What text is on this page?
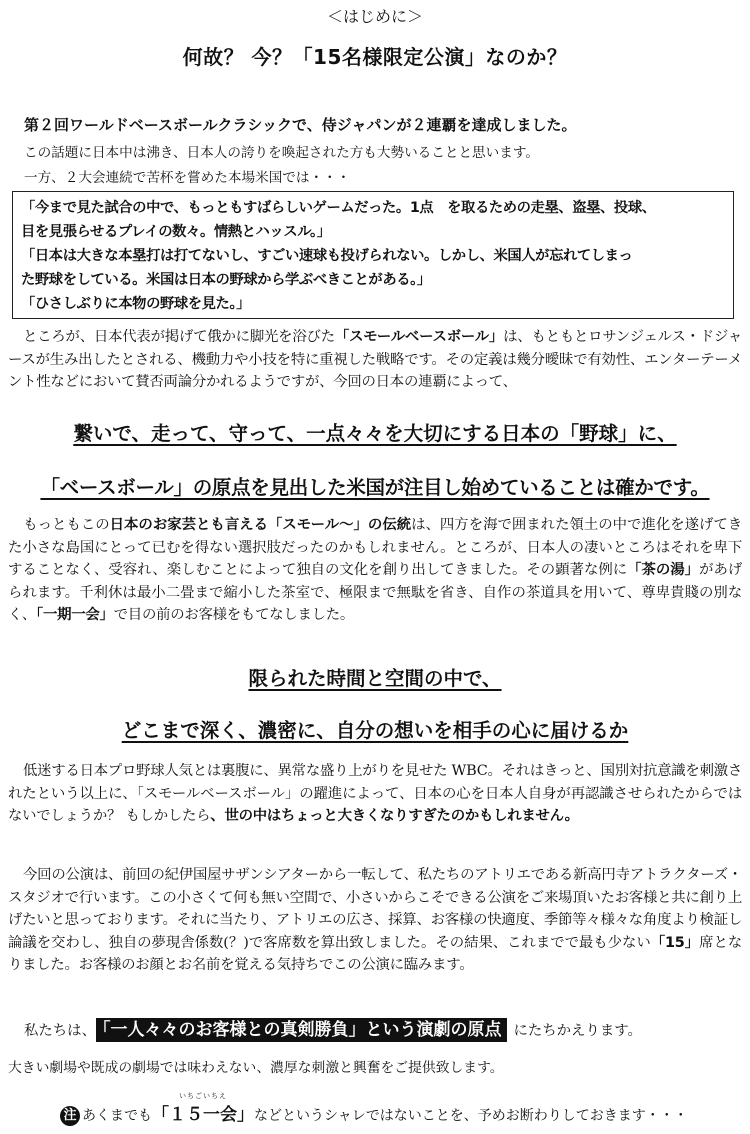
＜はじめに＞
何故？ 今？「15名様限定公演」なのか？
第２回ワールドベースボールクラシックで、侍ジャパンが２連覇を達成しました。
この話題に日本中は沸き、日本人の誇りを喚起された方も大勢いることと思います。
一方、２大会連続で苦杯を嘗めた本場米国では・・・
「今まで見た試合の中で、もっともすばらしいゲームだった。1点　を取るための走塁、盗塁、投球、
目を見張らせるプレイの数々。情熱とハッスル。」
「日本は大きな本塁打は打てないし、すごい速球も投げられない。しかし、米国人が忘れてしまっ
た野球をしている。米国は日本の野球から学ぶべきことがある。」
「ひさしぶりに本物の野球を見た。」
ところが、日本代表が掲げて俄かに脚光を浴びた「スモールベースボール」は、もともとロサンジェルス・ドジャースが生み出したとされる、機動力や小技を特に重視した戦略です。その定義は幾分曖昧で有効性、エンターテーメント性などにおいて賛否両論分かれるようですが、今回の日本の連覇によって、
繋いで、走って、守って、一点々々を大切にする日本の「野球」に、
「ベースボール」の原点を見出した米国が注目し始めていることは確かです。
もっともこの日本のお家芸とも言える「スモール～」の伝統は、四方を海で囲まれた領土の中で進化を遂げてきた小さな島国にとって已むを得ない選択肢だったのかもしれません。ところが、日本人の凄いところはそれを卑下することなく、受容れ、楽しむことによって独自の文化を創り出してきました。その顕著な例に「茶の湯」があげられます。千利休は最小二畳まで縮小した茶室で、極限まで無駄を省き、自作の茶道具を用いて、尊卑貴賤の別なく、「一期一会」で目の前のお客様をもてなしました。
限られた時間と空間の中で、
どこまで深く、濃密に、自分の想いを相手の心に届けるか
低迷する日本プロ野球人気とは裏腹に、異常な盛り上がりを見せた WBC。それはきっと、国別対抗意識を刺激されたという以上に、「スモールベースボール」の躍進によって、日本の心を日本人自身が再認識させられたからではないでしょうか？ もしかしたら、世の中はちょっと大きくなりすぎたのかもしれません。
今回の公演は、前回の紀伊国屋サザンシアターから一転して、私たちのアトリエである新高円寺アトラクターズ・スタジオで行います。この小さくて何も無い空間で、小さいからこそできる公演をご来場頂いたお客様と共に創り上げたいと思っております。それに当たり、アトリエの広さ、採算、お客様の快適度、季節等々様々な角度より検証し論議を交わし、独自の夢現舎係数(？)で客席数を算出致しました。その結果、これまでで最も少ない「15」席となりました。お客様のお顔とお名前を覚える気持ちでこの公演に臨みます。
私たちは、 「一人々々のお客様との真剣勝負」という演劇の原点 にたちかえります。
大きい劇場や既成の劇場では味わえない、濃厚な刺激と興奮をご提供致します。
注 あくまでも
いちごいちえ
「１５一会」などというシャレではないことを、予めお断わりしておきます・・・
